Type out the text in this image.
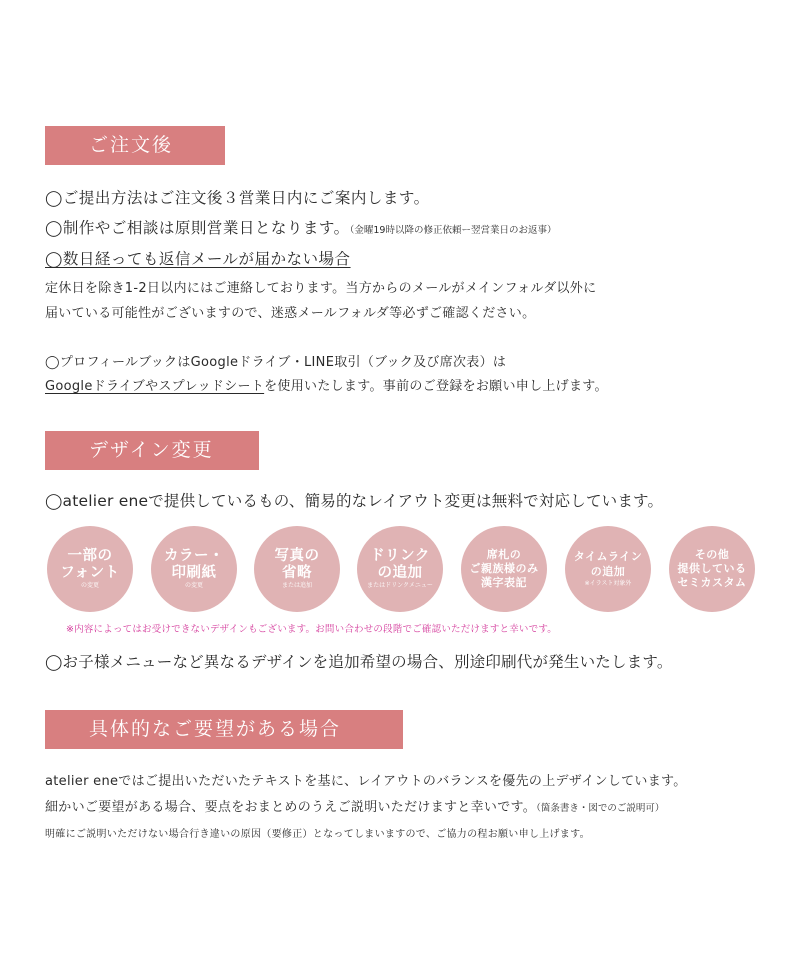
ご注文後
◯ご提出方法はご注文後３営業日内にご案内します。
◯制作やご相談は原則営業日となります。（金曜19時以降の修正依頼ー翌営業日のお返事）
◯数日経っても返信メールが届かない場合
定休日を除き1-2日以内にはご連絡しております。当方からのメールがメインフォルダ以外に
届いている可能性がございますので、迷惑メールフォルダ等必ずご確認ください。
◯プロフィールブックはGoogleドライブ・LINE取引（ブック及び席次表）は
Googleドライブやスプレッドシートを使用いたします。事前のご登録をお願い申し上げます。
デザイン変更
◯atelier eneで提供しているもの、簡易的なレイアウト変更は無料で対応しています。
一部の
フォント
の変更
カラー・
印刷紙
の変更
写真の
省略
または追加
ドリンク
の追加
またはドリンクメニュー
席札の
ご親族様のみ
漢字表記
タイムライン
の追加
※イラスト対象外
その他
提供している
セミカスタム
※内容によってはお受けできないデザインもございます。お問い合わせの段階でご確認いただけますと幸いです。
◯お子様メニューなど異なるデザインを追加希望の場合、別途印刷代が発生いたします。
具体的なご要望がある場合
atelier eneではご提出いただいたテキストを基に、レイアウトのバランスを優先の上デザインしています。
細かいご要望がある場合、要点をおまとめのうえご説明いただけますと幸いです。（箇条書き・図でのご説明可）
明確にご説明いただけない場合行き違いの原因（要修正）となってしまいますので、ご協力の程お願い申し上げます。
